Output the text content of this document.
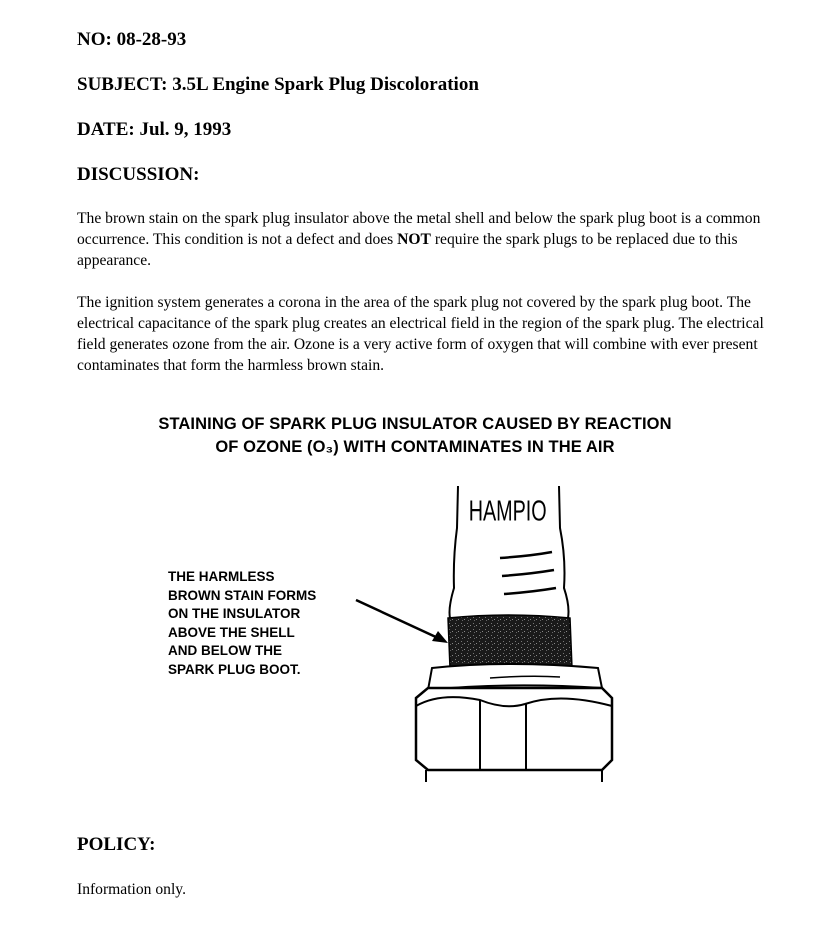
NO: 08-28-93
SUBJECT: 3.5L Engine Spark Plug Discoloration
DATE: Jul. 9, 1993
DISCUSSION:

The brown stain on the spark plug insulator above the metal shell and below the spark plug boot is a common occurrence. This condition is not a defect and does NOT require the spark plugs to be replaced due to this appearance.

The ignition system generates a corona in the area of the spark plug not covered by the spark plug boot. The electrical capacitance of the spark plug creates an electrical field in the region of the spark plug. The electrical field generates ozone from the air. Ozone is a very active form of oxygen that will combine with ever present contaminates that form the harmless brown stain.

STAINING OF SPARK PLUG INSULATOR CAUSED BY REACTION
OF OZONE (O₃) WITH CONTAMINATES IN THE AIR
THE HARMLESS
BROWN STAIN FORMS
ON THE INSULATOR
ABOVE THE SHELL
AND BELOW THE
SPARK PLUG BOOT.
HAMPIO
POLICY:

Information only.
